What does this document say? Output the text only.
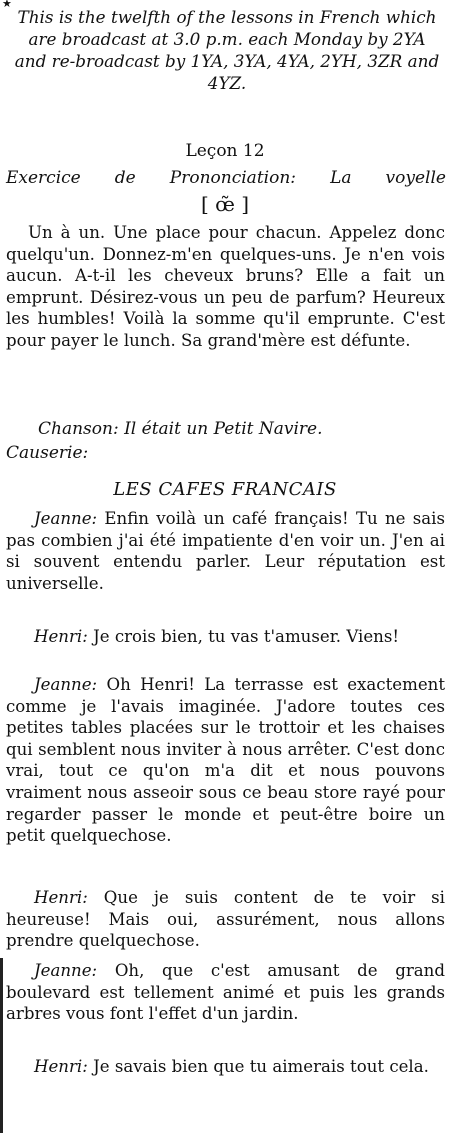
★

This is the twelfth of the lessons in French which are broadcast at 3.0 p.m. each Monday by 2YA and re-broadcast by 1YA, 3YA, 4YA, 2YH, 3ZR and 4YZ.

Leçon 12

Exercice de Prononciation: La voyelle

[ œ̃ ]

Un à un. Une place pour chacun. Appelez donc quelqu'un. Donnez-m'en quelques-uns. Je n'en vois aucun. A-t-il les cheveux bruns? Elle a fait un emprunt. Désirez-vous un peu de parfum? Heureux les humbles! Voilà la somme qu'il emprunte. C'est pour payer le lunch. Sa grand'mère est défunte.

Chanson: Il était un Petit Navire.

Causerie:

LES CAFES FRANCAIS

Jeanne: Enfin voilà un café français! Tu ne sais pas combien j'ai été impatiente d'en voir un. J'en ai si souvent entendu parler. Leur réputation est universelle.

Henri: Je crois bien, tu vas t'amuser. Viens!

Jeanne: Oh Henri! La terrasse est exactement comme je l'avais imaginée. J'adore toutes ces petites tables placées sur le trottoir et les chaises qui semblent nous inviter à nous arrêter. C'est donc vrai, tout ce qu'on m'a dit et nous pouvons vraiment nous asseoir sous ce beau store rayé pour regarder passer le monde et peut-être boire un petit quelquechose.

Henri: Que je suis content de te voir si heureuse! Mais oui, assurément, nous allons prendre quelquechose.

Jeanne: Oh, que c'est amusant de grand boulevard est tellement animé et puis les grands arbres vous font l'effet d'un jardin.

Henri: Je savais bien que tu aimerais tout cela.
